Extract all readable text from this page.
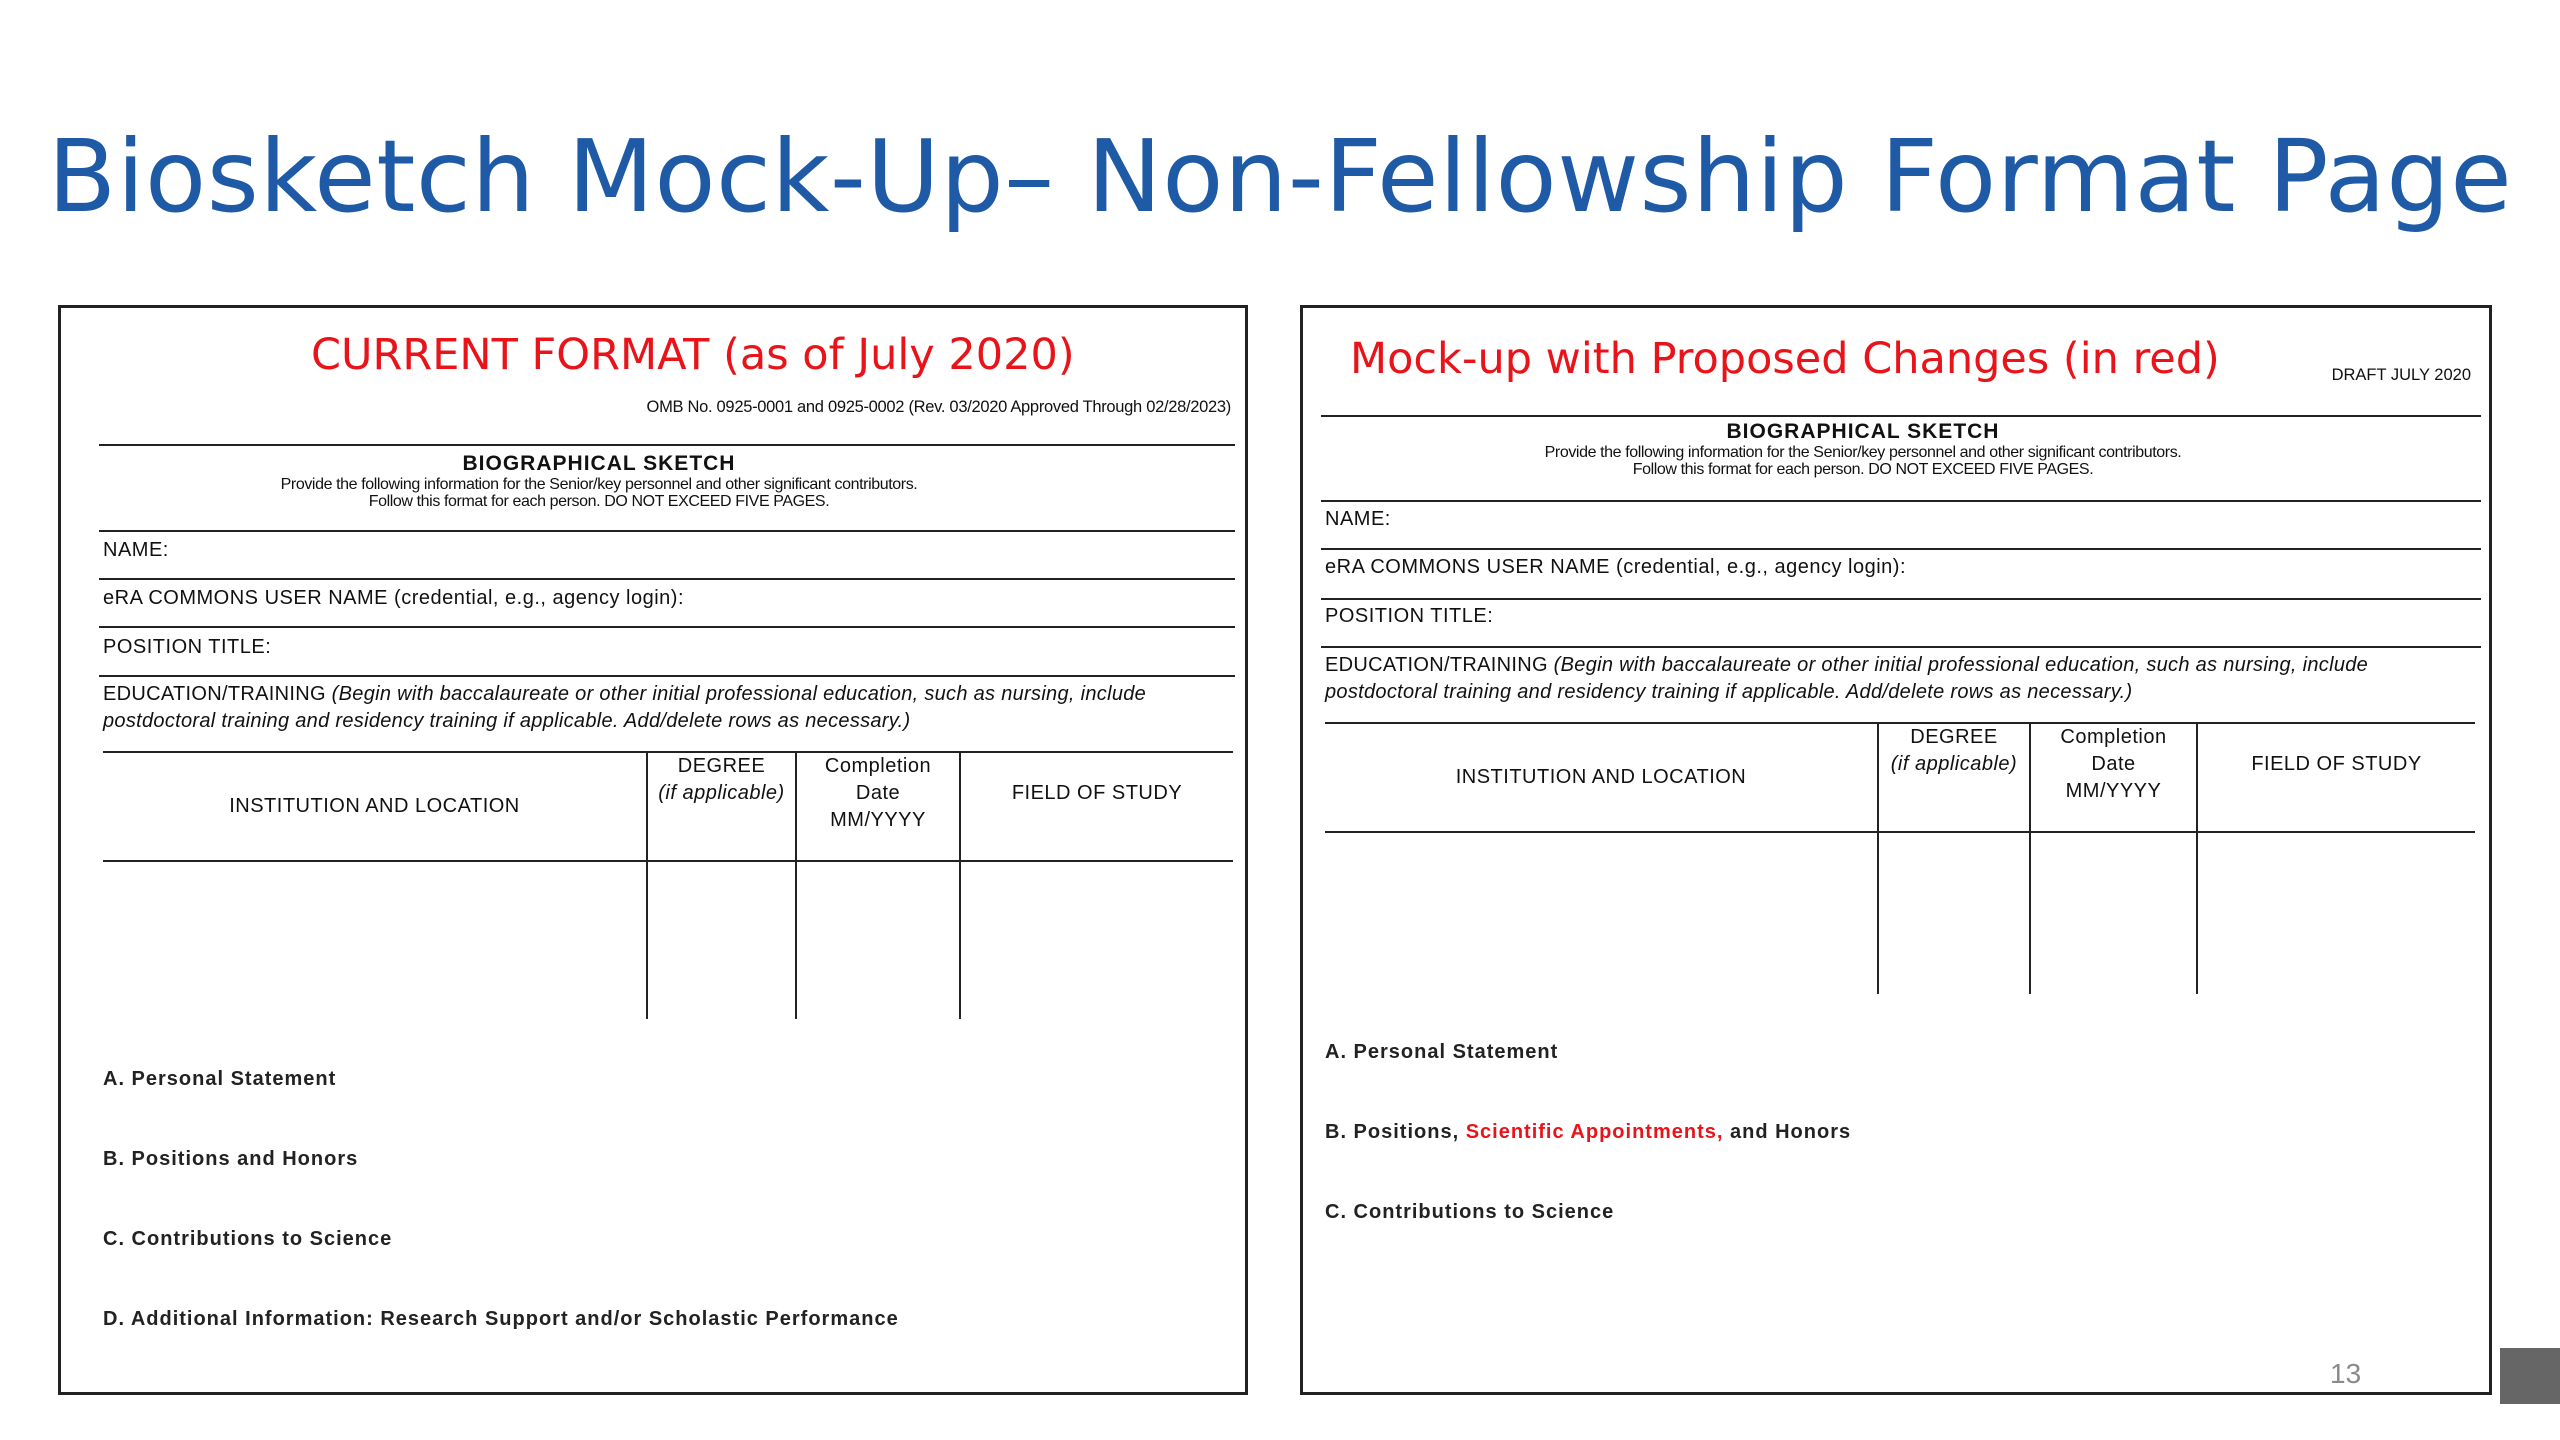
Biosketch Mock-Up– Non-Fellowship Format Page
CURRENT FORMAT (as of July 2020)
OMB No. 0925-0001 and 0925-0002 (Rev. 03/2020 Approved Through 02/28/2023)
BIOGRAPHICAL SKETCH
Provide the following information for the Senior/key personnel and other significant contributors.
Follow this format for each person. DO NOT EXCEED FIVE PAGES.
NAME:
eRA COMMONS USER NAME (credential, e.g., agency login):
POSITION TITLE:
EDUCATION/TRAINING (Begin with baccalaureate or other initial professional education, such as nursing, include postdoctoral training and residency training if applicable. Add/delete rows as necessary.)
INSTITUTION AND LOCATION
DEGREE
(if applicable)
Completion
Date
MM/YYYY
FIELD OF STUDY
A. Personal Statement
B. Positions and Honors
C. Contributions to Science
D. Additional Information: Research Support and/or Scholastic Performance
Mock-up with Proposed Changes (in red)	DRAFT JULY 2020
BIOGRAPHICAL SKETCH
Provide the following information for the Senior/key personnel and other significant contributors.
Follow this format for each person. DO NOT EXCEED FIVE PAGES.
NAME:
eRA COMMONS USER NAME (credential, e.g., agency login):
POSITION TITLE:
EDUCATION/TRAINING (Begin with baccalaureate or other initial professional education, such as nursing, include postdoctoral training and residency training if applicable. Add/delete rows as necessary.)
INSTITUTION AND LOCATION
DEGREE
(if applicable)
Completion
Date
MM/YYYY
FIELD OF STUDY
A. Personal Statement
B. Positions, Scientific Appointments, and Honors
C. Contributions to Science
13
